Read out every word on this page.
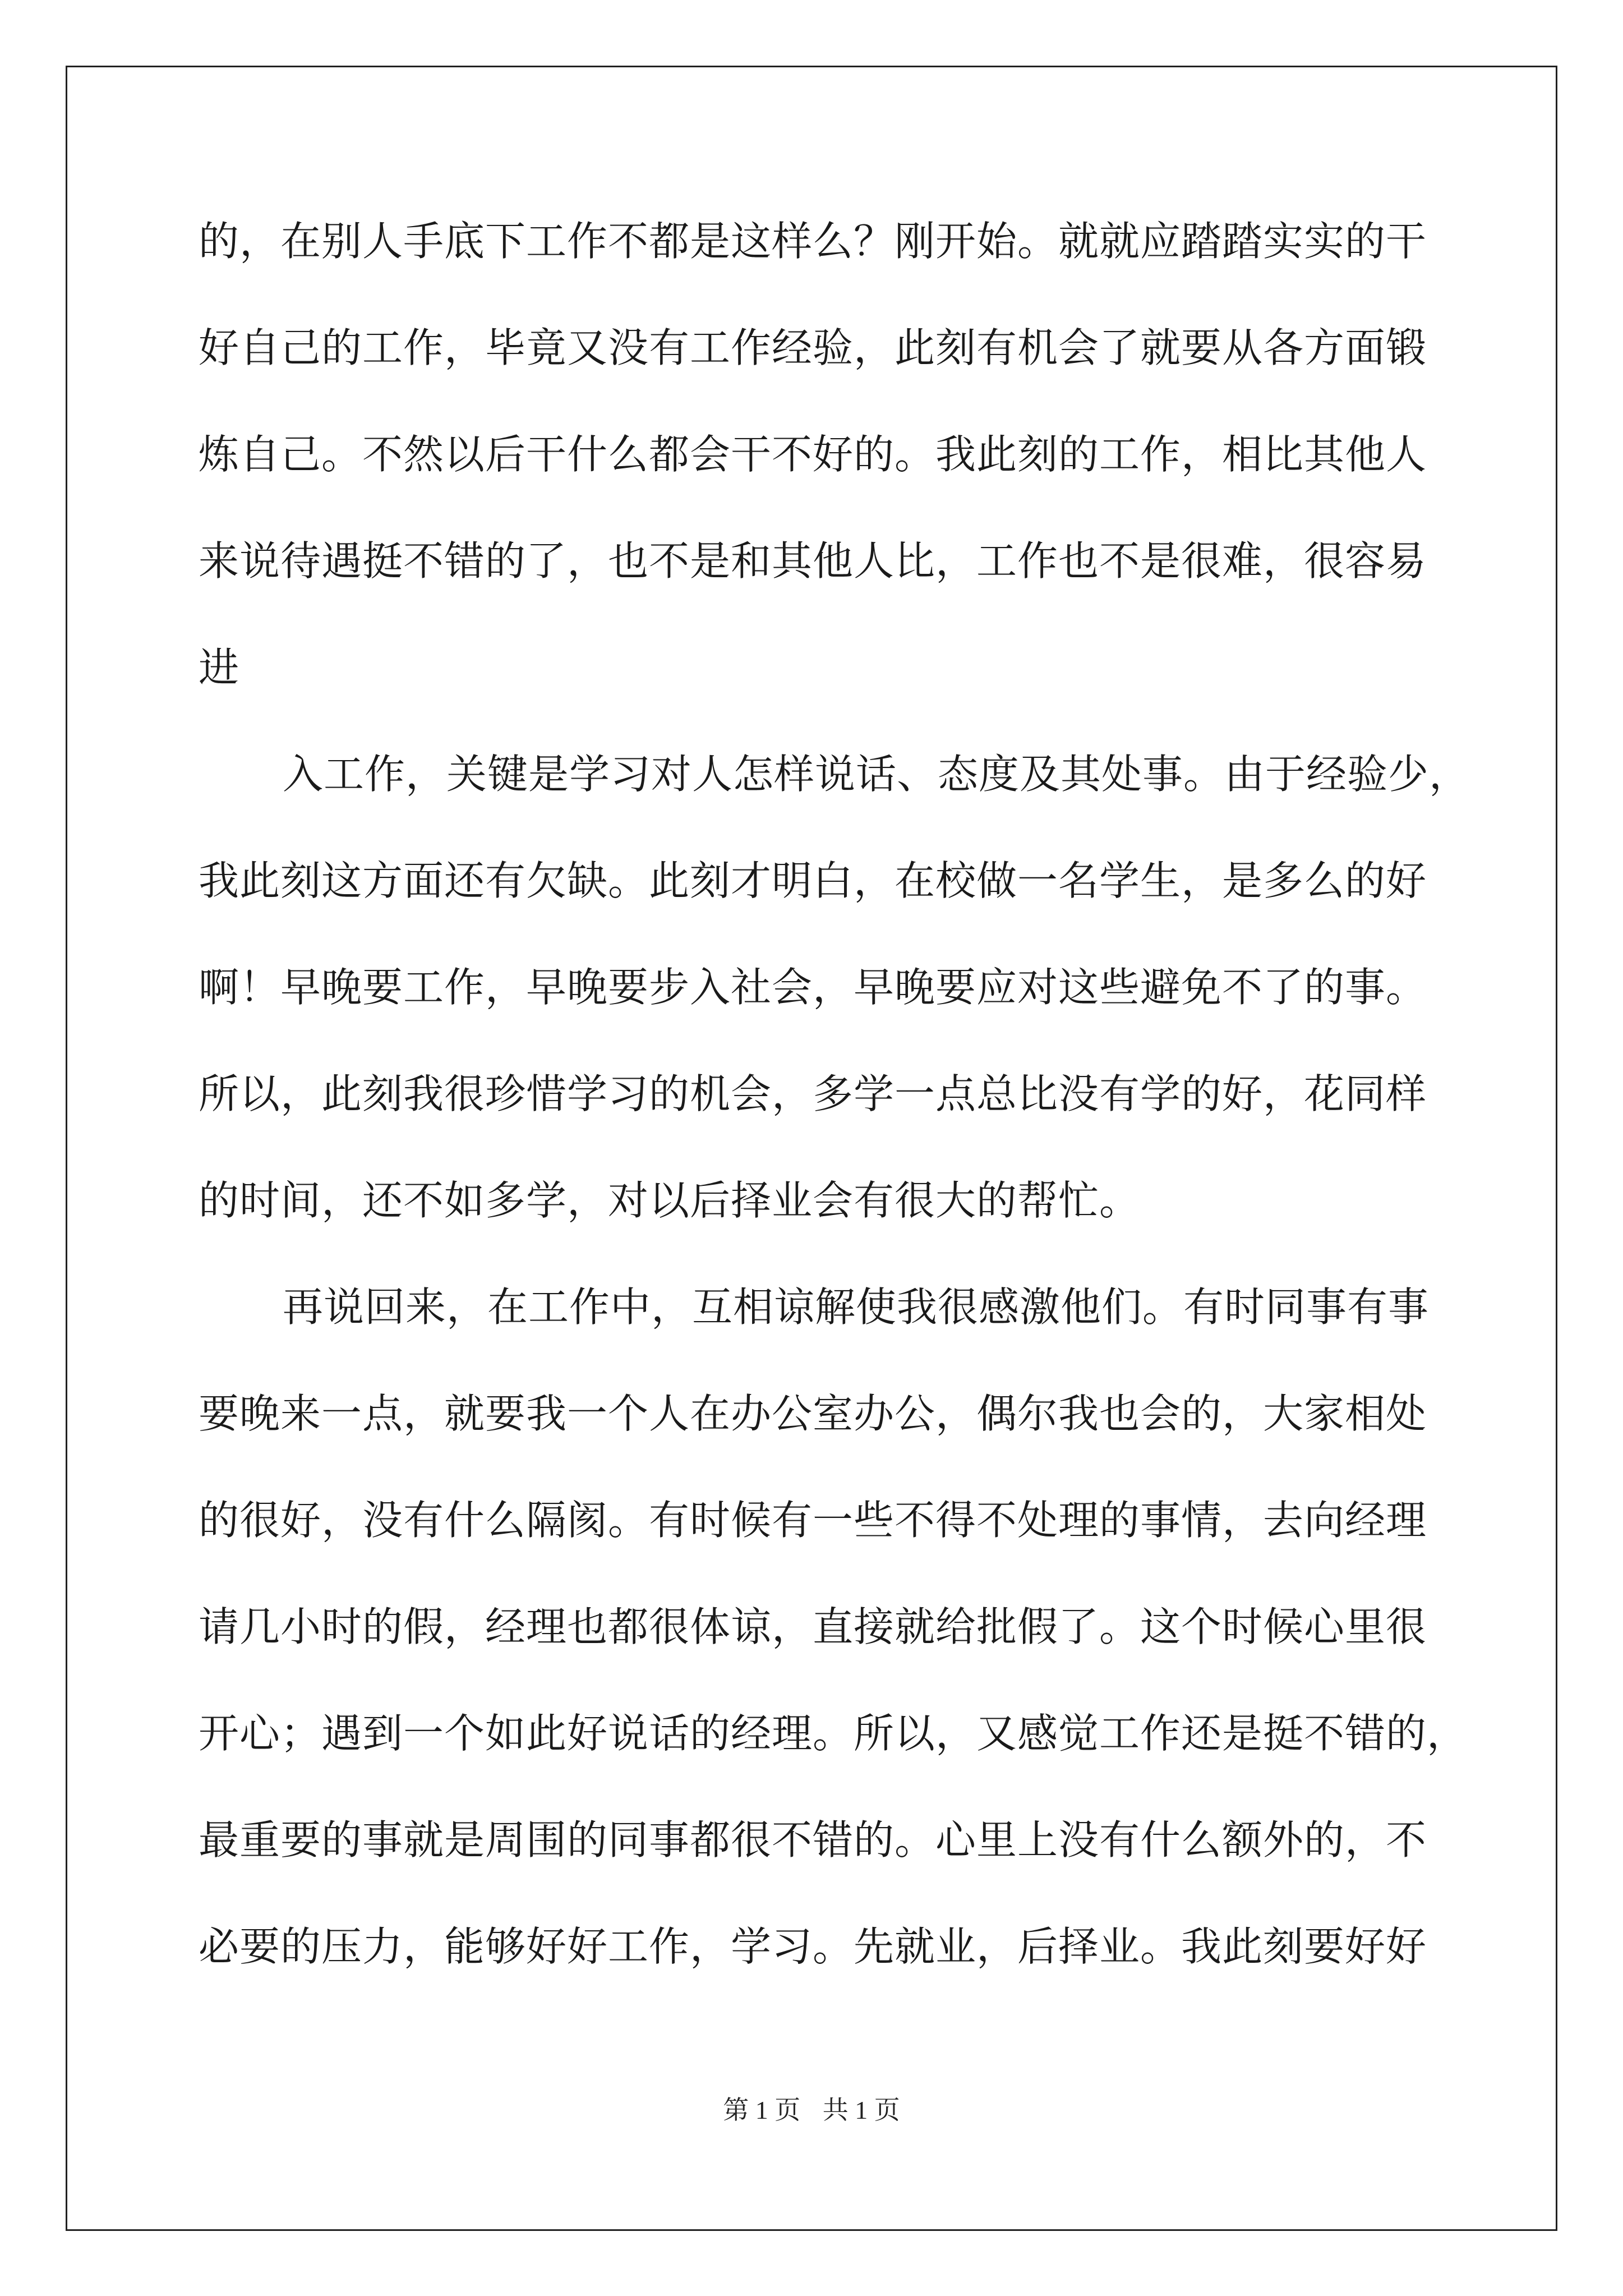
的，在别人手底下工作不都是这样么？刚开始。就就应踏踏实实的干
好自己的工作，毕竟又没有工作经验，此刻有机会了就要从各方面锻
炼自己。不然以后干什么都会干不好的。我此刻的工作，相比其他人
来说待遇挺不错的了，也不是和其他人比，工作也不是很难，很容易
进
入工作，关键是学习对人怎样说话、态度及其处事。由于经验少，
我此刻这方面还有欠缺。此刻才明白，在校做一名学生，是多么的好
啊！早晚要工作，早晚要步入社会，早晚要应对这些避免不了的事。
所以，此刻我很珍惜学习的机会，多学一点总比没有学的好，花同样
的时间，还不如多学，对以后择业会有很大的帮忙。
再说回来，在工作中，互相谅解使我很感激他们。有时同事有事
要晚来一点，就要我一个人在办公室办公，偶尔我也会的，大家相处
的很好，没有什么隔阂。有时候有一些不得不处理的事情，去向经理
请几小时的假，经理也都很体谅，直接就给批假了。这个时候心里很
开心；遇到一个如此好说话的经理。所以，又感觉工作还是挺不错的，
最重要的事就是周围的同事都很不错的。心里上没有什么额外的，不
必要的压力，能够好好工作，学习。先就业，后择业。我此刻要好好
第 1 页 共 1 页
